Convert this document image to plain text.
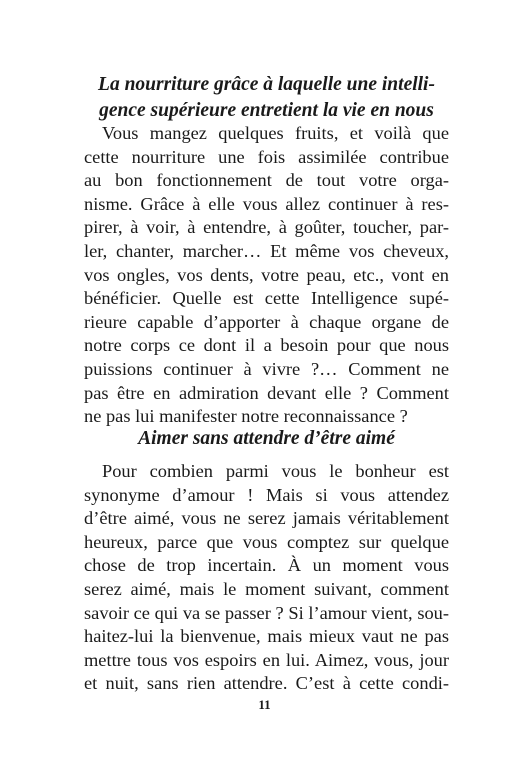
La nourriture grâce à laquelle une intelli-
gence supérieure entretient la vie en nous
Vous mangez quelques fruits, et voilà que
cette nourriture une fois assimilée contribue
au bon fonctionnement de tout votre orga-
nisme. Grâce à elle vous allez continuer à res-
pirer, à voir, à entendre, à goûter, toucher, par-
ler, chanter, marcher… Et même vos cheveux,
vos ongles, vos dents, votre peau, etc., vont en
bénéficier. Quelle est cette Intelligence supé-
rieure capable d’apporter à chaque organe de
notre corps ce dont il a besoin pour que nous
puissions continuer à vivre ?… Comment ne
pas être en admiration devant elle ? Comment
ne pas lui manifester notre reconnaissance ?
Aimer sans attendre d’être aimé
Pour combien parmi vous le bonheur est
synonyme d’amour ! Mais si vous attendez
d’être aimé, vous ne serez jamais véritablement
heureux, parce que vous comptez sur quelque
chose de trop incertain. À un moment vous
serez aimé, mais le moment suivant, comment
savoir ce qui va se passer ? Si l’amour vient, sou-
haitez-lui la bienvenue, mais mieux vaut ne pas
mettre tous vos espoirs en lui. Aimez, vous, jour
et nuit, sans rien attendre. C’est à cette condi-
11
